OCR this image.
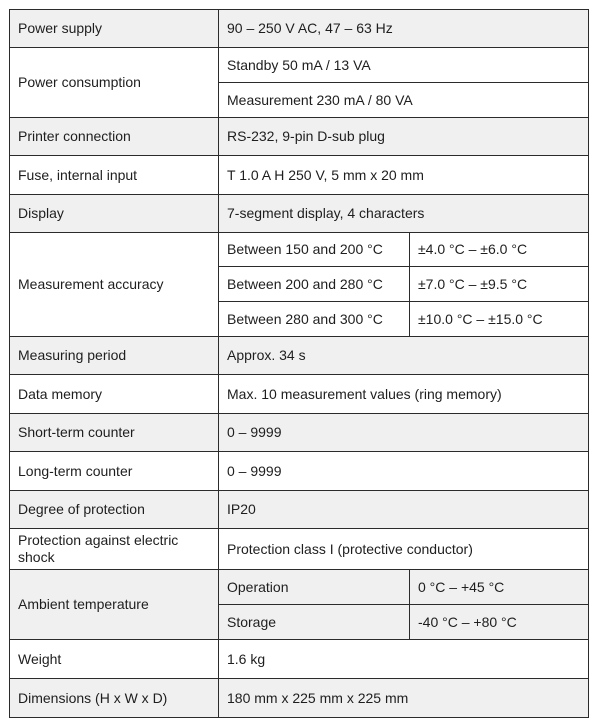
Power supply	90 – 250 V AC, 47 – 63 Hz	
Power consumption	Standby 50 mA / 13 VA	
	Measurement 230 mA / 80 VA	
Printer connection	RS-232, 9-pin D-sub plug	
Fuse, internal input	T 1.0 A H 250 V, 5 mm x 20 mm	
Display	7-segment display, 4 characters	
Measurement accuracy	Between 150 and 200 °C	±4.0 °C – ±6.0 °C
	Between 200 and 280 °C	±7.0 °C – ±9.5 °C
	Between 280 and 300 °C	±10.0 °C – ±15.0 °C
Measuring period	Approx. 34 s	
Data memory	Max. 10 measurement values (ring memory)	
Short-term counter	0 – 9999	
Long-term counter	0 – 9999	
Degree of protection	IP20	
Protection against electric shock	Protection class I (protective conductor)	
Ambient temperature	Operation	0 °C – +45 °C
	Storage	-40 °C – +80 °C
Weight	1.6 kg	
Dimensions (H x W x D)	180 mm x 225 mm x 225 mm	
